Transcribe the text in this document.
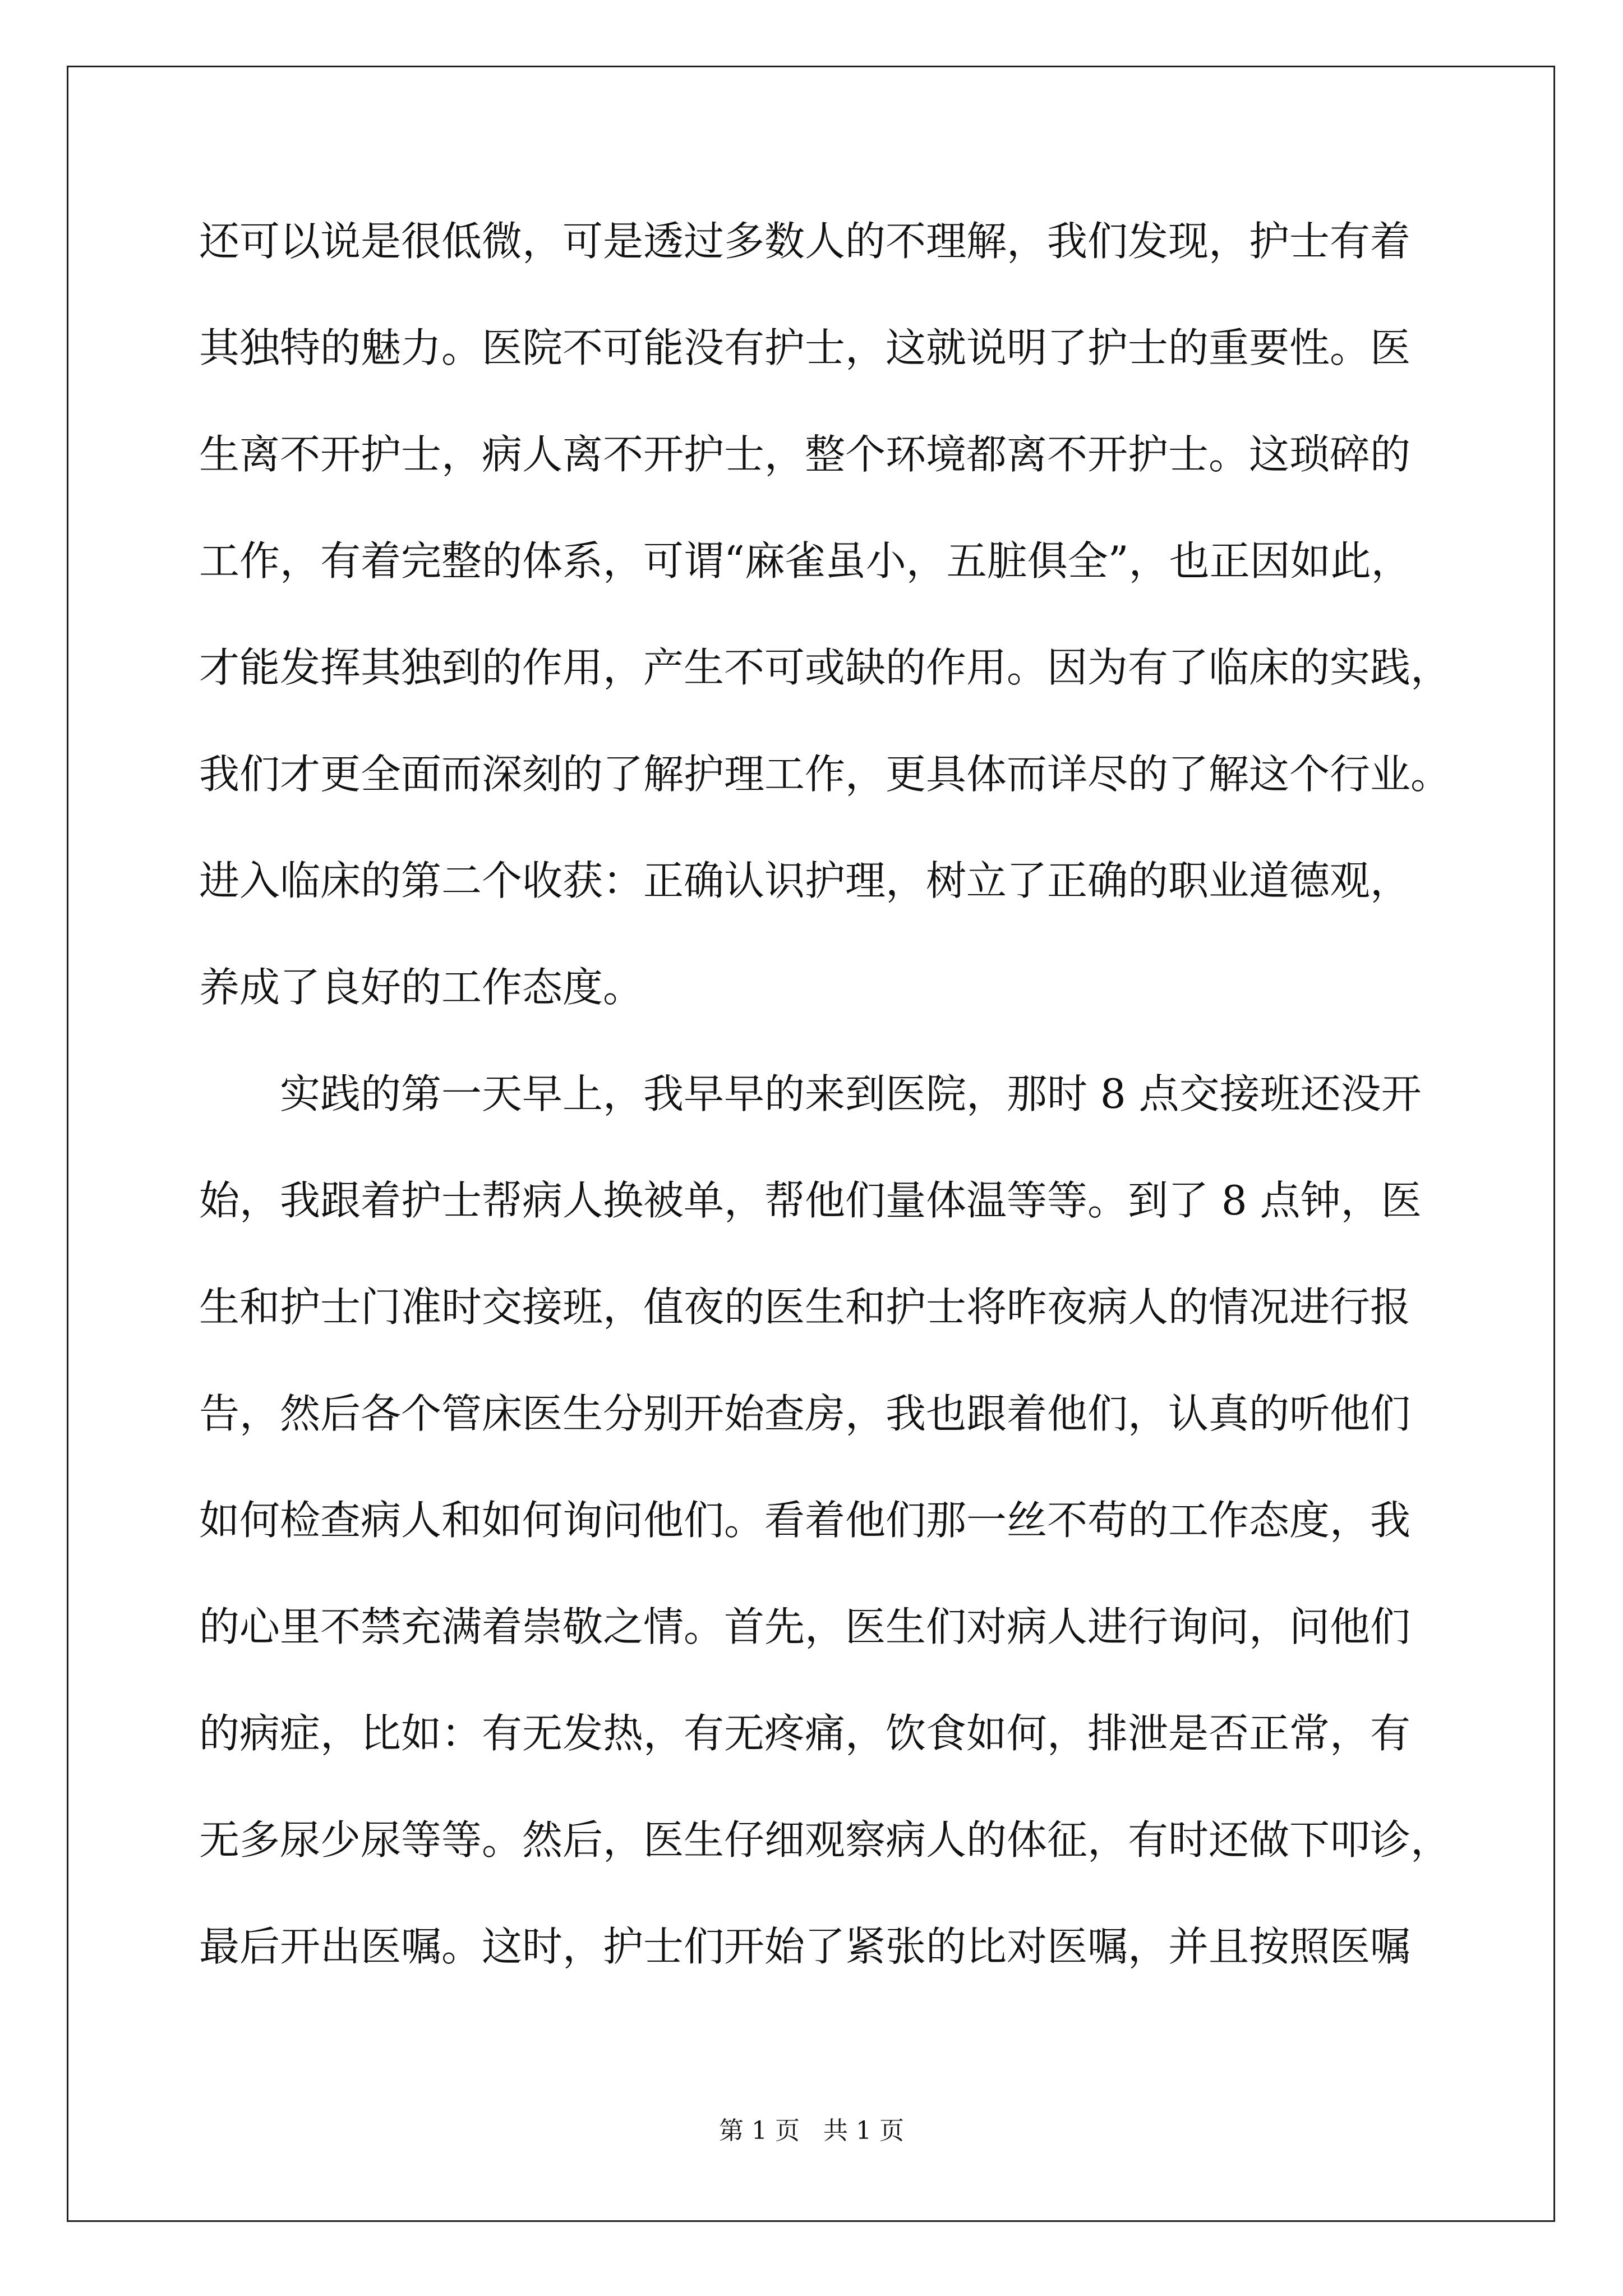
还可以说是很低微，可是透过多数人的不理解，我们发现，护士有着
其独特的魅力。医院不可能没有护士，这就说明了护士的重要性。医
生离不开护士，病人离不开护士，整个环境都离不开护士。这琐碎的
工作，有着完整的体系，可谓“麻雀虽小，五脏俱全”，也正因如此，
才能发挥其独到的作用，产生不可或缺的作用。因为有了临床的实践，
我们才更全面而深刻的了解护理工作，更具体而详尽的了解这个行业。
进入临床的第二个收获：正确认识护理，树立了正确的职业道德观，
养成了良好的工作态度。
　　实践的第一天早上，我早早的来到医院，那时 8 点交接班还没开
始，我跟着护士帮病人换被单，帮他们量体温等等。到了 8 点钟，医
生和护士门准时交接班，值夜的医生和护士将昨夜病人的情况进行报
告，然后各个管床医生分别开始查房，我也跟着他们，认真的听他们
如何检查病人和如何询问他们。看着他们那一丝不苟的工作态度，我
的心里不禁充满着崇敬之情。首先，医生们对病人进行询问，问他们
的病症，比如：有无发热，有无疼痛，饮食如何，排泄是否正常，有
无多尿少尿等等。然后，医生仔细观察病人的体征，有时还做下叩诊，
最后开出医嘱。这时，护士们开始了紧张的比对医嘱，并且按照医嘱
第 1 页 共 1 页
